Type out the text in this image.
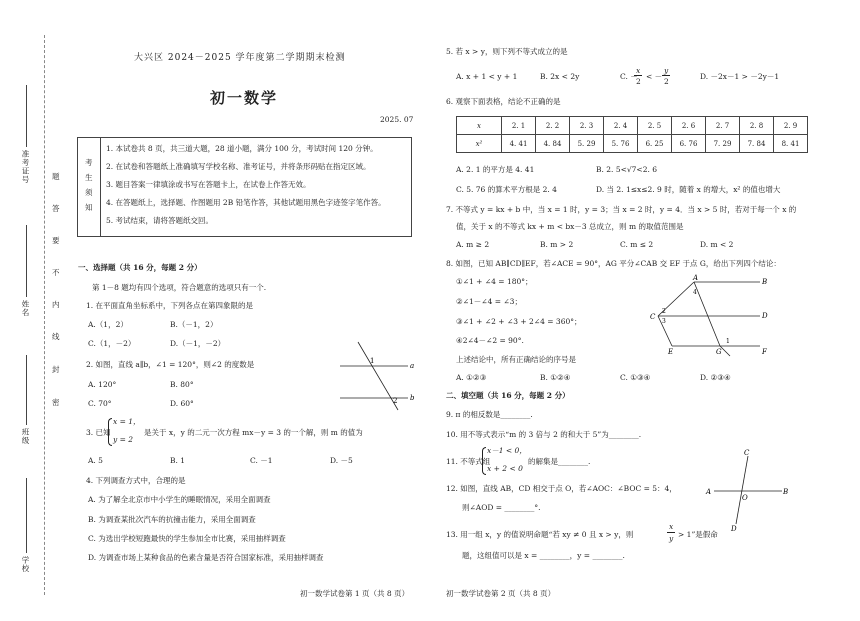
准考证号
姓名
班级
学校
密
封
线
内
不
要
答
题
大兴区 2024－2025 学年度第二学期期末检测
初一数学
2025. 07
考
生
须
知
1. 本试卷共 8 页，共三道大题，28 道小题，满分 100 分，考试时间 120 分钟。
2. 在试卷和答题纸上准确填写学校名称、准考证号，并将条形码贴在指定区域。
3. 题目答案一律填涂或书写在答题卡上，在试卷上作答无效。
4. 在答题纸上，选择题、作图题用 2B 铅笔作答，其他试题用黑色字迹签字笔作答。
5. 考试结束，请将答题纸交回。
一、选择题（共 16 分，每题 2 分）
第 1－8 题均有四个选项，符合题意的选项只有一个.
1. 在平面直角坐标系中，下列各点在第四象限的是
A.（1，2）	B.（－1，2）
C.（1，－2）	D.（－1，－2）
2. 如图，直线 a∥b，∠1 = 120°，则∠2 的度数是
A. 120°	B. 80°
C. 70°	D. 60°
a
b
1
2
3. 已知
x = 1，
y = 2
是关于 x，y 的二元一次方程 mx－y = 3 的一个解，则 m 的值为
A. 5	B. 1	C. －1	D. －5
4. 下列调查方式中，合理的是
A. 为了解全北京市中小学生的睡眠情况，采用全面调查
B. 为调查某批次汽车的抗撞击能力，采用全面调查
C. 为选出学校短跑最快的学生参加全市比赛，采用抽样调查
D. 为调查市场上某种食品的色素含量是否符合国家标准，采用抽样调查
初一数学试卷第 1 页（共 8 页）
5. 若 x > y，则下列不等式成立的是
A. x + 1 < y + 1	B. 2x < 2y	C. －
x
2
< －
y
2
D. －2x－1 > －2y－1
6. 观察下面表格，结论不正确的是
x	2. 1	2. 2	2. 3	2. 4	2. 5	2. 6	2. 7	2. 8	2. 9
x²	4. 41	4. 84	5. 29	5. 76	6. 25	6. 76	7. 29	7. 84	8. 41
A. 2. 1 的平方是 4. 41	B. 2. 5<√7<2. 6
C. 5. 76 的算术平方根是 2. 4	D. 当 2. 1≤x≤2. 9 时，随着 x 的增大，x² 的值也增大
7. 不等式 y = kx + b 中，当 x = 1 时，y = 3；当 x = 2 时，y = 4．当 x > 5 时，若对于每一个 x 的
值，关于 x 的不等式 kx + m < bx－3 总成立，则 m 的取值范围是
A. m ≥ 2	B. m > 2	C. m ≤ 2	D. m < 2
8. 如图，已知 AB∥CD∥EF，若∠ACE = 90°，AG 平分∠CAB 交 EF 于点 G，给出下列四个结论：
①∠1 + ∠4 = 180°；
②∠1－∠4 = ∠3；
③∠1 + ∠2 + ∠3 + 2∠4 = 360°；
④2∠4－∠2 = 90°.
A	B
C	D
E	F
G
1
2
3
4
上述结论中，所有正确结论的序号是
A. ①②③	B. ①②④	C. ①③④	D. ②③④
二、填空题（共 16 分，每题 2 分）
9. π 的相反数是________.
10. 用不等式表示“m 的 3 倍与 2 的和大于 5”为________.
11. 不等式组
x－1 < 0，
x + 2 < 0
的解集是________.
12. 如图，直线 AB，CD 相交于点 O，若∠AOC：∠BOC = 5：4，
则∠AOD = ________°.
A	B
C
D
O
13. 用一组 x，y 的值说明命题“若 xy ≠ 0 且 x > y，则
x
y > 1”是假命
题，这组值可以是 x = ________，y = ________.
初一数学试卷第 2 页（共 8 页）
